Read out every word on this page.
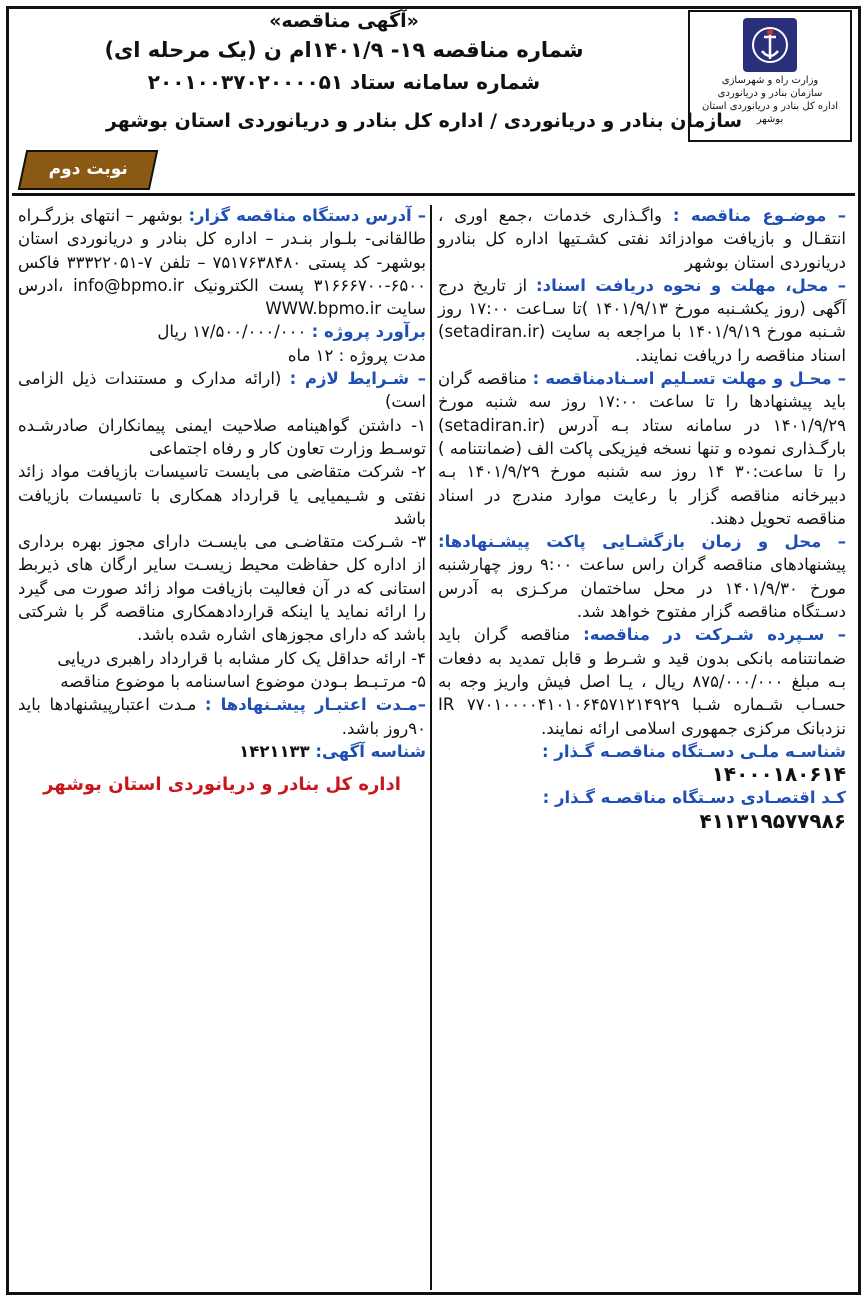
وزارت راه و شهرسازی
سازمان بنادر و دریانوردی
اداره کل بنادر و دریانوردی استان بوشهر
«آگهی مناقصه»
شماره مناقصه ۱۹- ۱۴۰۱/۹ام ن (یک مرحله ای)
شماره سامانه ستاد ۲۰۰۱۰۰۳۷۰۲۰۰۰۰۵۱
سازمان بنادر و دریانوردی / اداره کل بنادر و دریانوردی استان بوشهر
نوبت دوم

– موضـوع مناقصه : واگـذاری خدمات ،جمع اوری ، انتقـال و بازیافت موادزائد نفتی کشـتیها اداره کل بنادرو دریانوردی استان بوشهر

– محل، مهلت و نحوه دریافت اسناد: از تاریخ درج آگهی (روز یکشـنبه مورخ ۱۴۰۱/۹/۱۳ )تا سـاعت ۱۷:۰۰ روز شـنبه مورخ ۱۴۰۱/۹/۱۹ با مراجعه به سایت (setadiran.ir) اسناد مناقصه را دریافت نمایند.

– محـل و مهلت تسـلیم اسـنادمناقصه : مناقصه گران باید پیشنهادها را تا ساعت ۱۷:۰۰ روز سه شنبه مورخ ۱۴۰۱/۹/۲۹ در سامانه ستاد بـه آدرس (setadiran.ir) بارگـذاری نموده و تنها نسخه فیزیکی پاکت الف (ضمانتنامه ) را تا ساعت:۳۰ ۱۴ روز سه شنبه مورخ ۱۴۰۱/۹/۲۹ بـه دبیرخانه مناقصه گزار با رعایت موارد مندرج در اسناد مناقصه تحویل دهند.

– محل و زمان بازگشـایی پاکت پیشـنهادها: پیشنهادهای مناقصه گران راس ساعت ۹:۰۰ روز چهارشنبه مورخ ۱۴۰۱/۹/۳۰ در محل ساختمان مرکـزی به آدرس دسـتگاه مناقصه گزار مفتوح خواهد شد.

– سـپرده شـرکت در مناقصه: مناقصه گران باید ضمانتنامه بانکی بدون قید و شـرط و قابل تمدید به دفعات بـه مبلغ ۸۷۵/۰۰۰/۰۰۰ ریال ، یـا اصل فیش واریز وجه به حسـاب شـماره شـبا IR ۷۷۰۱۰۰۰۰۴۱۰۱۰۶۴۵۷۱۲۱۴۹۲۹ نزدبانک مرکزی جمهوری اسلامی ارائه نمایند.

شناسـه ملـی دسـتگاه مناقصـه گـذار :

۱۴۰۰۰۱۸۰۶۱۴

کـد اقتصـادی دسـتگاه مناقصـه گـذار :

۴۱۱۳۱۹۵۷۷۹۸۶

– آدرس دستگاه مناقصه گزار: بوشهر – انتهای بزرگـراه طالقانی- بلـوار بنـدر – اداره کل بنادر و دریانوردی استان بوشهر- کد پستی ۷۵۱۷۶۳۸۴۸۰ – تلفن ۷-۳۳۳۲۲۰۵۱ فاکس ۶۵۰۰-۳۱۶۶۶۷۰۰ پست الکترونیک info@bpmo.ir ،ادرس سایت WWW.bpmo.ir

برآورد پروژه : ۱۷/۵۰۰/۰۰۰/۰۰۰ ریال

مدت پروژه : ۱۲ ماه

– شـرایط لازم : (ارائه مدارک و مستندات ذیل الزامی است)

۱- داشتن گواهینامه صلاحیت ایمنی پیمانکاران صادرشـده توسـط وزارت تعاون کار و رفاه اجتماعی

۲- شرکت متقاضی می بایست تاسیسات بازیافت مواد زائد نفتی و شـیمیایی یا قرارداد همکاری با تاسیسات بازیافت باشد

۳- شـرکت متقاضـی می بایسـت دارای مجوز بهره برداری از اداره کل حفاظت محیط زیسـت سایر ارگان های ذیربط استانی که در آن فعالیت بازیافت مواد زائد صورت می گیرد را ارائه نماید یا اینکه قراردادهمکاری مناقصه گر با شرکتی باشد که دارای مجوزهای اشاره شده باشد.

۴- ارائه حداقل یک کار مشابه با قرارداد راهبری دریایی

۵- مرتـبـط بـودن موضوع اساسنامه با موضوع مناقصه

–مـدت اعتبـار پیشـنهادها : مـدت اعتبارپیشنهادها باید ۹۰روز باشد.

شناسه آگهی: ۱۴۲۱۱۳۳

اداره کل بنادر و دریانوردی استان بوشهر
